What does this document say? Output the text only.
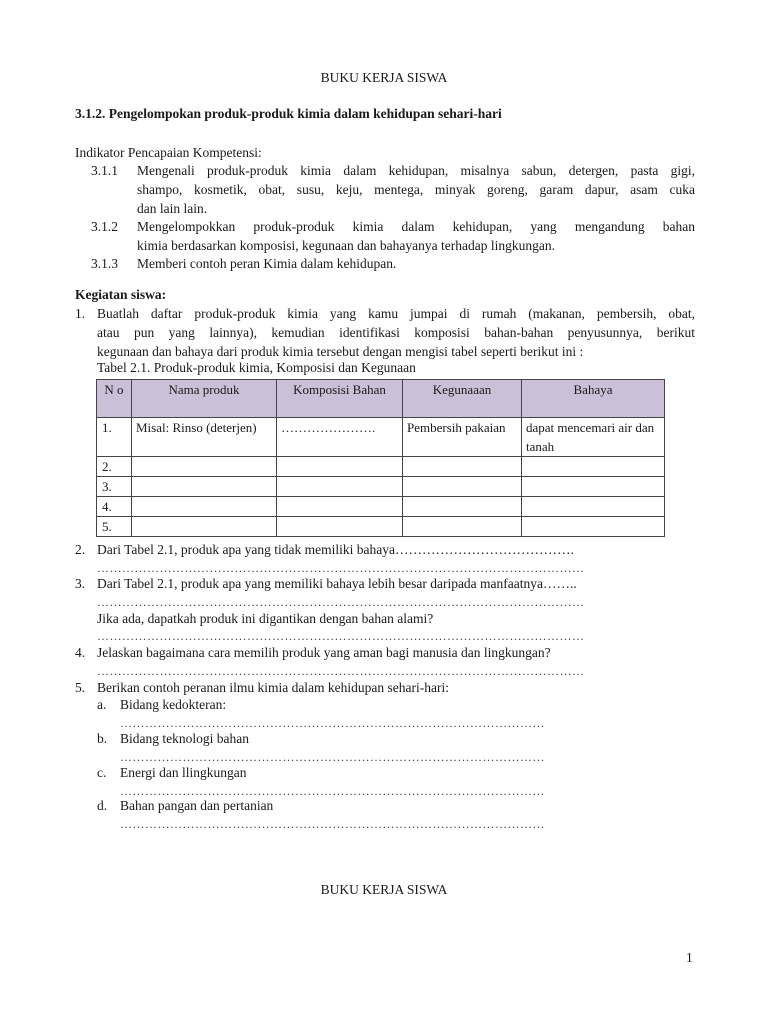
BUKU KERJA SISWA
3.1.2. Pengelompokan produk-produk kimia dalam kehidupan sehari-hari
Indikator Pencapaian Kompetensi:
3.1.1 Mengenali produk-produk kimia dalam kehidupan, misalnya sabun, detergen, pasta gigi,
shampo, kosmetik, obat, susu, keju, mentega, minyak goreng, garam dapur, asam cuka
dan lain lain.
3.1.2 Mengelompokkan produk-produk kimia dalam kehidupan, yang mengandung bahan
kimia berdasarkan komposisi, kegunaan dan bahayanya terhadap lingkungan.
3.1.3 Memberi contoh peran Kimia dalam kehidupan.
Kegiatan siswa:
1. Buatlah daftar produk-produk kimia yang kamu jumpai di rumah (makanan, pembersih, obat,
atau pun yang lainnya), kemudian identifikasi komposisi bahan-bahan penyusunnya, berikut
kegunaan dan bahaya dari produk kimia tersebut dengan mengisi tabel seperti berikut ini :
Tabel 2.1. Produk-produk kimia, Komposisi dan Kegunaan
N o	Nama produk	Komposisi Bahan	Kegunaaan	Bahaya
1.	Misal: Rinso (deterjen)	………………….	Pembersih pakaian	dapat mencemari air dan tanah
2.				
3.				
4.				
5.				
2. Dari Tabel 2.1, produk apa yang tidak memiliki bahaya………………………………….
………………………………………………………………………………………………………
3. Dari Tabel 2.1, produk apa yang memiliki bahaya lebih besar daripada manfaatnya……..
………………………………………………………………………………………………………
Jika ada, dapatkah produk ini digantikan dengan bahan alami?
………………………………………………………………………………………………………
4. Jelaskan bagaimana cara memilih produk yang aman bagi manusia dan lingkungan?
………………………………………………………………………………………………………
5. Berikan contoh peranan ilmu kimia dalam kehidupan sehari-hari:
a. Bidang kedokteran:
…………………………………………………………………………………………
b. Bidang teknologi bahan
…………………………………………………………………………………………
c. Energi dan llingkungan
…………………………………………………………………………………………
d. Bahan pangan dan pertanian
…………………………………………………………………………………………
BUKU KERJA SISWA
1
